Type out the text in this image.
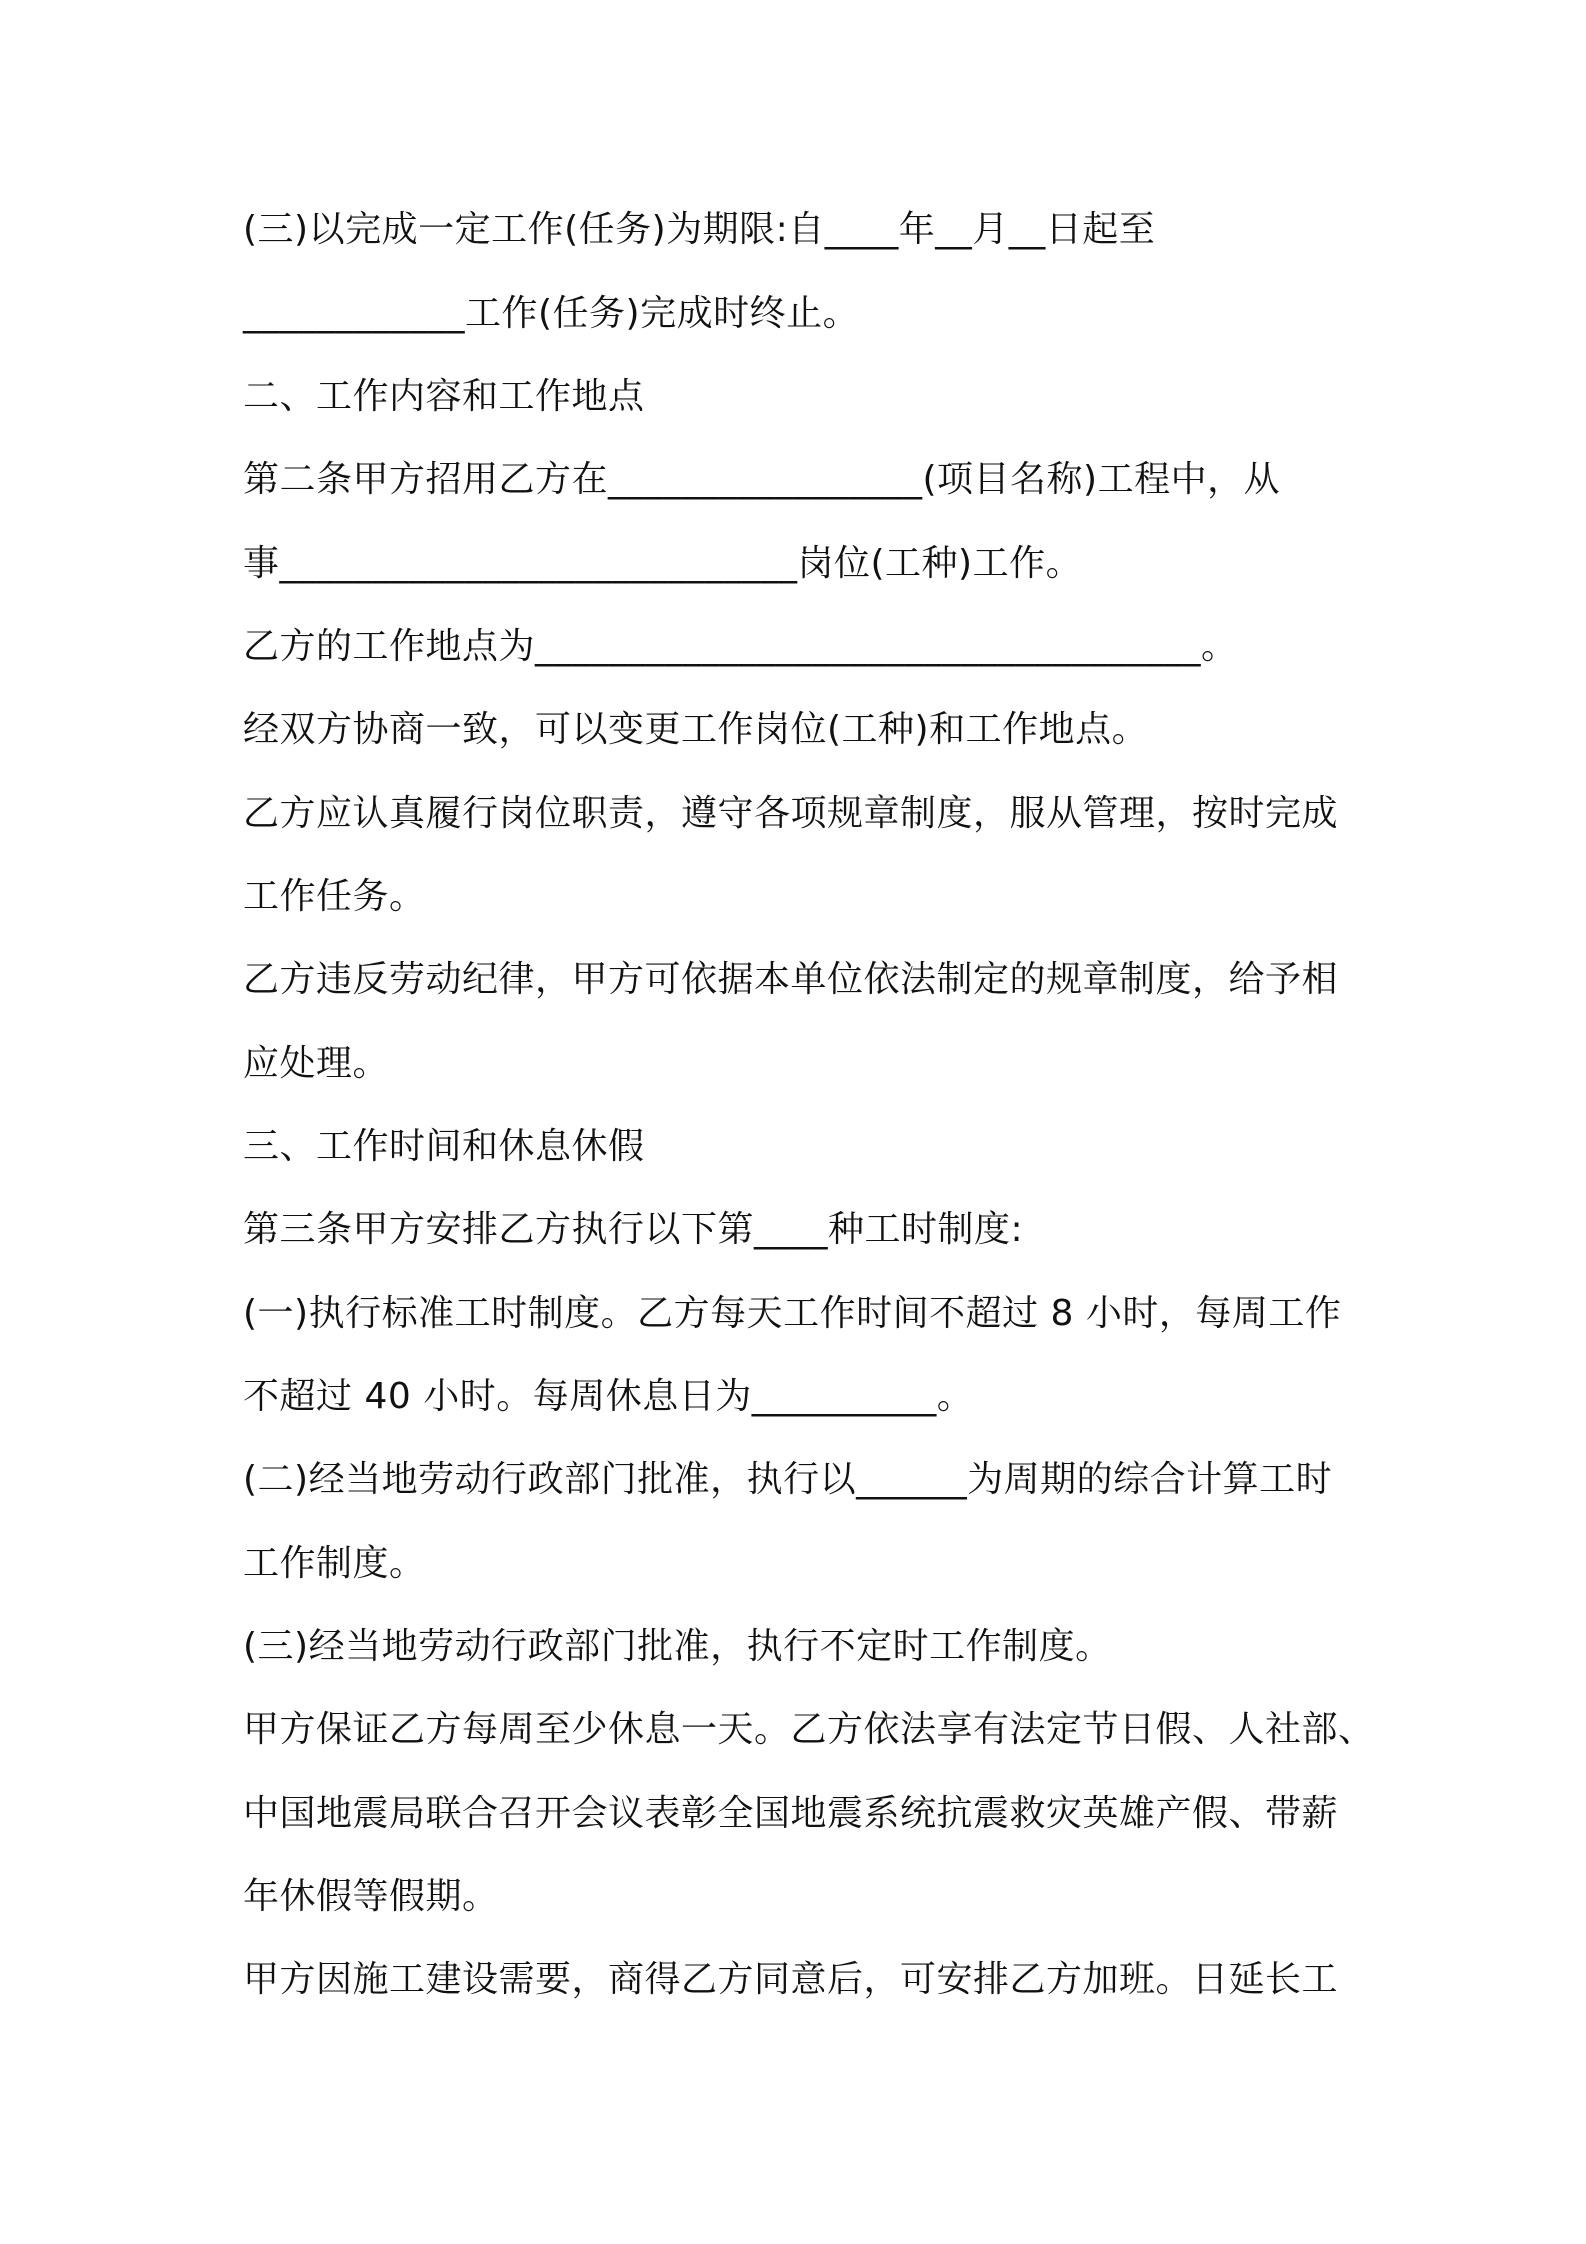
(三)以完成一定工作(任务)为期限:自____年__月__日起至
____________工作(任务)完成时终止。
二、工作内容和工作地点
第二条甲方招用乙方在_________________(项目名称)工程中，从
事____________________________岗位(工种)工作。
乙方的工作地点为____________________________________。
经双方协商一致，可以变更工作岗位(工种)和工作地点。
乙方应认真履行岗位职责，遵守各项规章制度，服从管理，按时完成
工作任务。
乙方违反劳动纪律，甲方可依据本单位依法制定的规章制度，给予相
应处理。
三、工作时间和休息休假
第三条甲方安排乙方执行以下第____种工时制度:
(一)执行标准工时制度。乙方每天工作时间不超过 8 小时，每周工作
不超过 40 小时。每周休息日为__________。
(二)经当地劳动行政部门批准，执行以______为周期的综合计算工时
工作制度。
(三)经当地劳动行政部门批准，执行不定时工作制度。
甲方保证乙方每周至少休息一天。乙方依法享有法定节日假、人社部、
中国地震局联合召开会议表彰全国地震系统抗震救灾英雄产假、带薪
年休假等假期。
甲方因施工建设需要，商得乙方同意后，可安排乙方加班。日延长工
